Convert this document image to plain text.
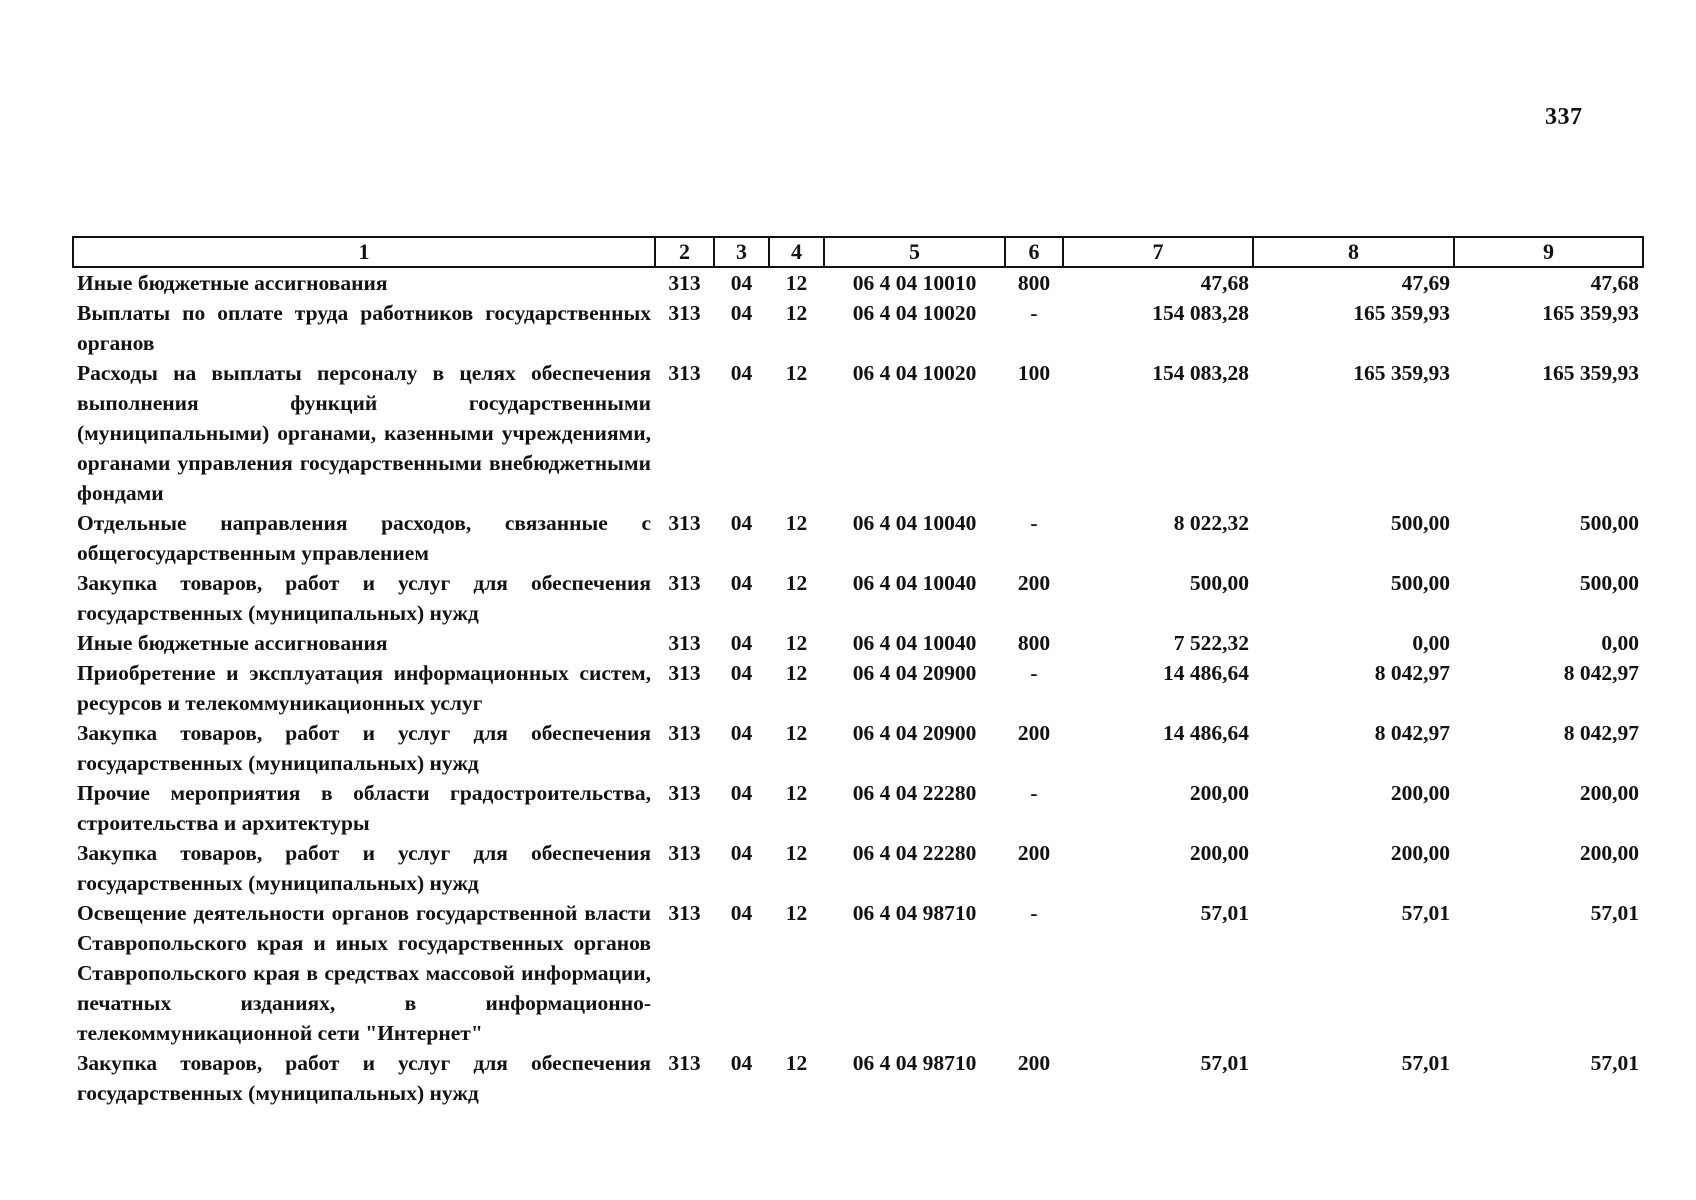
337
1	2	3	4	5	6	7	8	9
Иные бюджетные ассигнования	313	04	12	06 4 04 10010	800	47,68	47,69	47,68
Выплаты по оплате труда работников государственных органов	313	04	12	06 4 04 10020	-	154 083,28	165 359,93	165 359,93
Расходы на выплаты персоналу в целях обеспечения выполнения функций государственными (муниципальными) органами, казенными учреждениями, органами управления государственными внебюджетными фондами	313	04	12	06 4 04 10020	100	154 083,28	165 359,93	165 359,93
Отдельные направления расходов, связанные с общегосударственным управлением	313	04	12	06 4 04 10040	-	8 022,32	500,00	500,00
Закупка товаров, работ и услуг для обеспечения государственных (муниципальных) нужд	313	04	12	06 4 04 10040	200	500,00	500,00	500,00
Иные бюджетные ассигнования	313	04	12	06 4 04 10040	800	7 522,32	0,00	0,00
Приобретение и эксплуатация информационных систем, ресурсов и телекоммуникационных услуг	313	04	12	06 4 04 20900	-	14 486,64	8 042,97	8 042,97
Закупка товаров, работ и услуг для обеспечения государственных (муниципальных) нужд	313	04	12	06 4 04 20900	200	14 486,64	8 042,97	8 042,97
Прочие мероприятия в области градостроительства, строительства и архитектуры	313	04	12	06 4 04 22280	-	200,00	200,00	200,00
Закупка товаров, работ и услуг для обеспечения государственных (муниципальных) нужд	313	04	12	06 4 04 22280	200	200,00	200,00	200,00
Освещение деятельности органов государственной власти Ставропольского края и иных государственных органов Ставропольского края в средствах массовой информации, печатных изданиях, в информационно-телекоммуникационной сети "Интернет"	313	04	12	06 4 04 98710	-	57,01	57,01	57,01
Закупка товаров, работ и услуг для обеспечения государственных (муниципальных) нужд	313	04	12	06 4 04 98710	200	57,01	57,01	57,01
